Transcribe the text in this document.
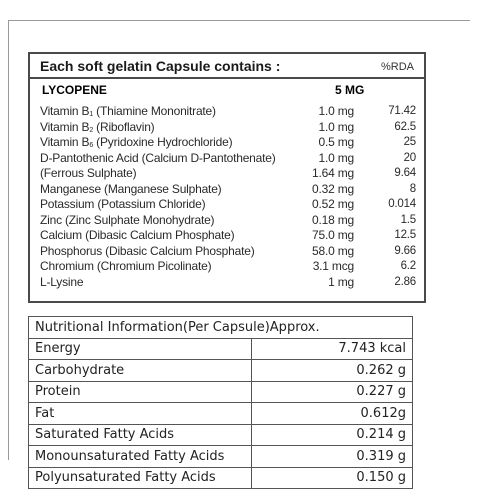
Each soft gelatin Capsule contains :	%RDA
LYCOPENE	5 MG
Vitamin $B_1$ (Thiamine Mononitrate)	1.0 mg	71.42
Vitamin $B_2$ (Riboflavin)	1.0 mg	62.5
Vitamin $B_6$ (Pyridoxine Hydrochloride)	0.5 mg	25
D-Pantothenic Acid (Calcium D-Pantothenate)	1.0 mg	20
(Ferrous Sulphate)	1.64 mg	9.64
Manganese (Manganese Sulphate)	0.32 mg	8
Potassium (Potassium Chloride)	0.52 mg	0.014
Zinc (Zinc Sulphate Monohydrate)	0.18 mg	1.5
Calcium (Dibasic Calcium Phosphate)	75.0 mg	12.5
Phosphorus (Dibasic Calcium Phosphate)	58.0 mg	9.66
Chromium (Chromium Picolinate)	3.1 mcg	6.2
L-Lysine	1 mg	2.86
Nutritional Information(Per Capsule)Approx.	
Energy	7.743 kcal
Carbohydrate	0.262 g
Protein	0.227 g
Fat	0.612g
Saturated Fatty Acids	0.214 g
Monounsaturated Fatty Acids	0.319 g
Polyunsaturated Fatty Acids	0.150 g
